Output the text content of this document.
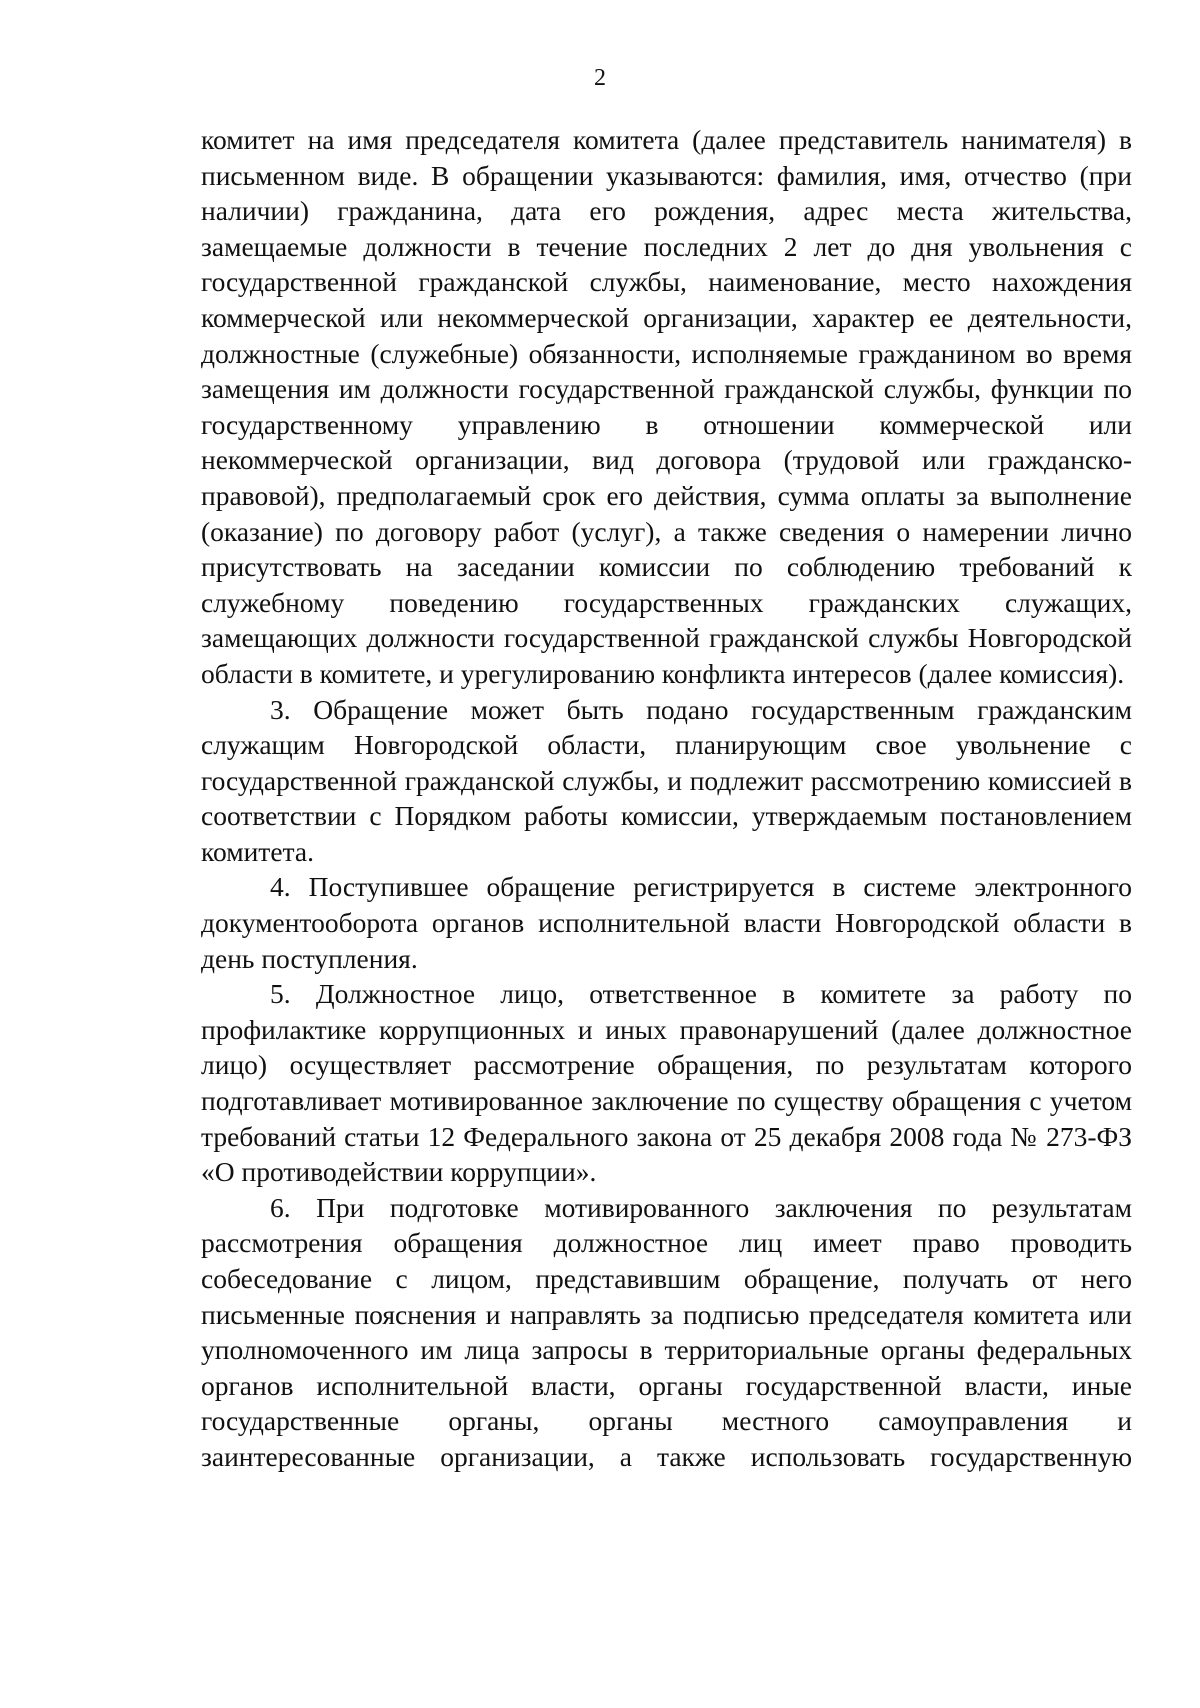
2

комитет на имя председателя комитета (далее представитель нанимателя) в письменном виде. В обращении указываются: фамилия, имя, отчество (при наличии) гражданина, дата его рождения, адрес места жительства, замещаемые должности в течение последних 2 лет до дня увольнения с государственной гражданской службы, наименование, место нахождения коммерческой или некоммерческой организации, характер ее деятельности, должностные (служебные) обязанности, исполняемые гражданином во время замещения им должности государственной гражданской службы, функции по государственному управлению в отношении коммерческой или некоммерческой организации, вид договора (трудовой или гражданско-правовой), предполагаемый срок его действия, сумма оплаты за выполнение (оказание) по договору работ (услуг), а также сведения о намерении лично присутствовать на заседании комиссии по соблюдению требований к служебному поведению государственных гражданских служащих, замещающих должности государственной гражданской службы Новгородской области в комитете, и урегулированию конфликта интересов (далее комиссия).

3. Обращение может быть подано государственным гражданским служащим Новгородской области, планирующим свое увольнение с государственной гражданской службы, и подлежит рассмотрению комиссией в соответствии с Порядком работы комиссии, утверждаемым постановлением комитета.

4. Поступившее обращение регистрируется в системе электронного документооборота органов исполнительной власти Новгородской области в день поступления.

5. Должностное лицо, ответственное в комитете за работу по профилактике коррупционных и иных правонарушений (далее должностное лицо) осуществляет рассмотрение обращения, по результатам которого подготавливает мотивированное заключение по существу обращения с учетом требований статьи 12 Федерального закона от 25 декабря 2008 года № 273-ФЗ «О противодействии коррупции».

6. При подготовке мотивированного заключения по результатам рассмотрения обращения должностное лиц имеет право проводить собеседование с лицом, представившим обращение, получать от него письменные пояснения и направлять за подписью председателя комитета или уполномоченного им лица запросы в территориальные органы федеральных органов исполнительной власти, органы государственной власти, иные государственные органы, органы местного самоуправления и заинтересованные организации, а также использовать государственную
